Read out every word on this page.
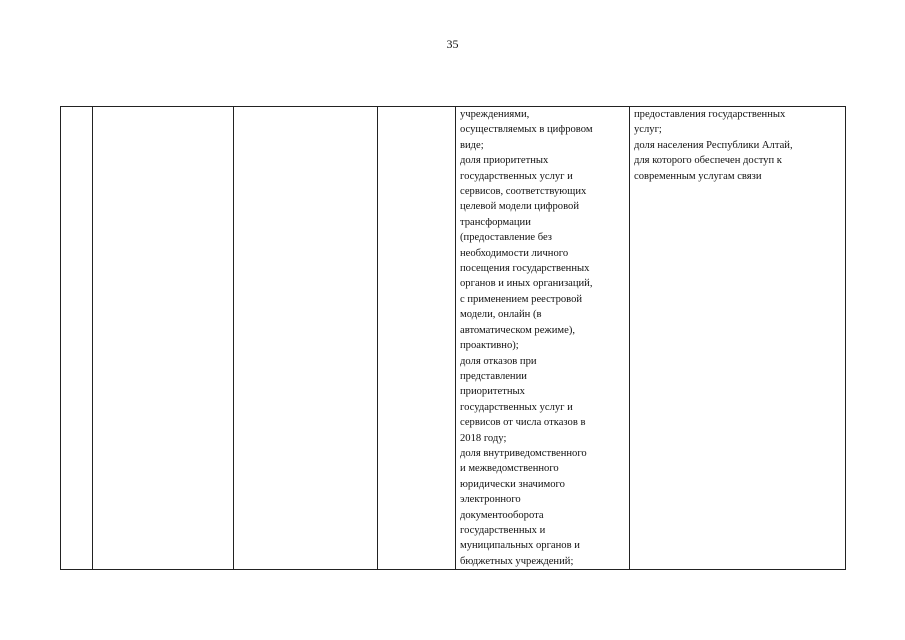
35

учреждениями,
осуществляемых в цифровом
виде;
доля приоритетных
государственных услуг и
сервисов, соответствующих
целевой модели цифровой
трансформации
(предоставление без
необходимости личного
посещения государственных
органов и иных организаций,
с применением реестровой
модели, онлайн (в
автоматическом режиме),
проактивно);
доля отказов при
представлении
приоритетных
государственных услуг и
сервисов от числа отказов в
2018 году;
доля внутриведомственного
и межведомственного
юридически значимого
электронного
документооборота
государственных и
муниципальных органов и
бюджетных учреждений;

предоставления государственных
услуг;
доля населения Республики Алтай,
для которого обеспечен доступ к
современным услугам связи
